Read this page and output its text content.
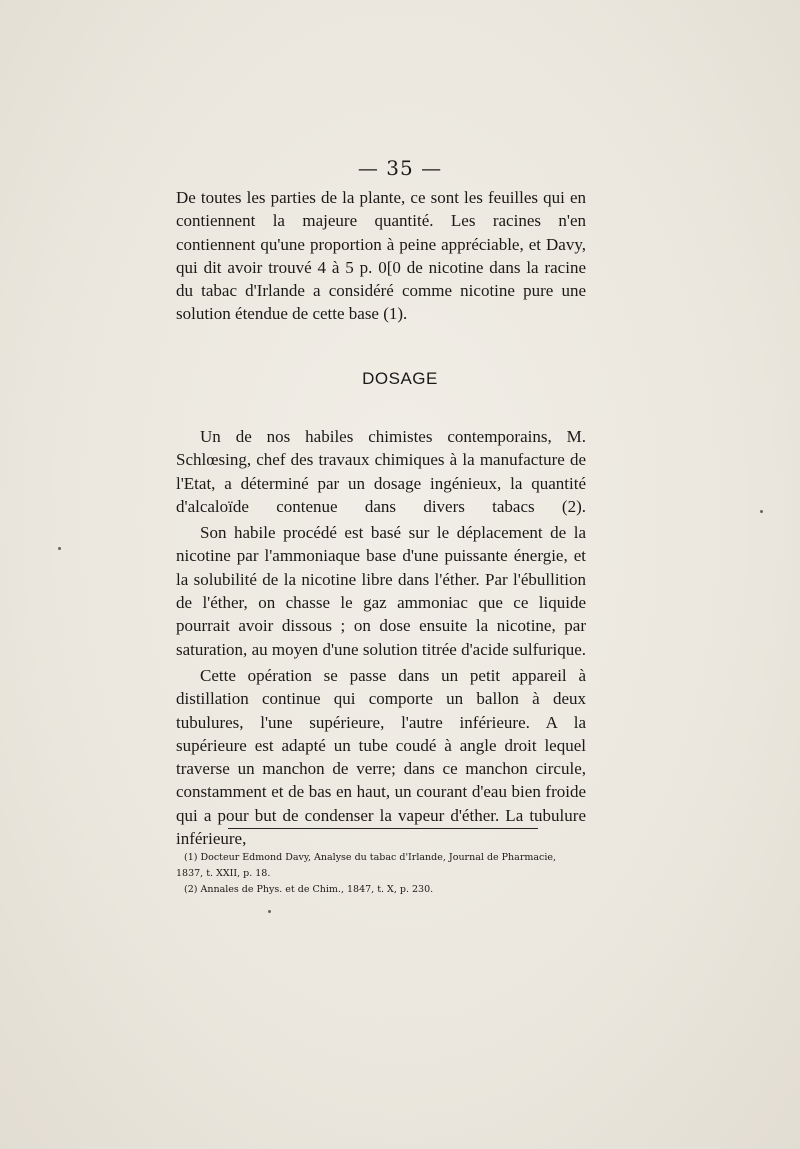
— 35 —

De toutes les parties de la plante, ce sont les feuilles qui en contiennent la majeure quantité. Les racines n'en contiennent qu'une proportion à peine appréciable, et Davy, qui dit avoir trouvé 4 à 5 p. 0[0 de nicotine dans la racine du tabac d'Irlande a considéré comme nicotine pure une solution étendue de cette base (1).

DOSAGE

Un de nos habiles chimistes contemporains, M. Schlœsing, chef des travaux chimiques à la manufacture de l'Etat, a déterminé par un dosage ingénieux, la quantité d'alcaloïde contenue dans divers tabacs (2).

Son habile procédé est basé sur le déplacement de la nicotine par l'ammoniaque base d'une puissante énergie, et la solubilité de la nicotine libre dans l'éther. Par l'ébullition de l'éther, on chasse le gaz ammoniac que ce liquide pourrait avoir dissous ; on dose ensuite la nicotine, par saturation, au moyen d'une solution titrée d'acide sulfurique.

Cette opération se passe dans un petit appareil à distillation continue qui comporte un ballon à deux tubulures, l'une supérieure, l'autre inférieure. A la supérieure est adapté un tube coudé à angle droit lequel traverse un manchon de verre; dans ce manchon circule, constamment et de bas en haut, un courant d'eau bien froide qui a pour but de condenser la vapeur d'éther. La tubulure inférieure,

(1) Docteur Edmond Davy, Analyse du tabac d'Irlande, Journal de Pharmacie,
1837, t. XXII, p. 18.

(2) Annales de Phys. et de Chim., 1847, t. X, p. 230.
